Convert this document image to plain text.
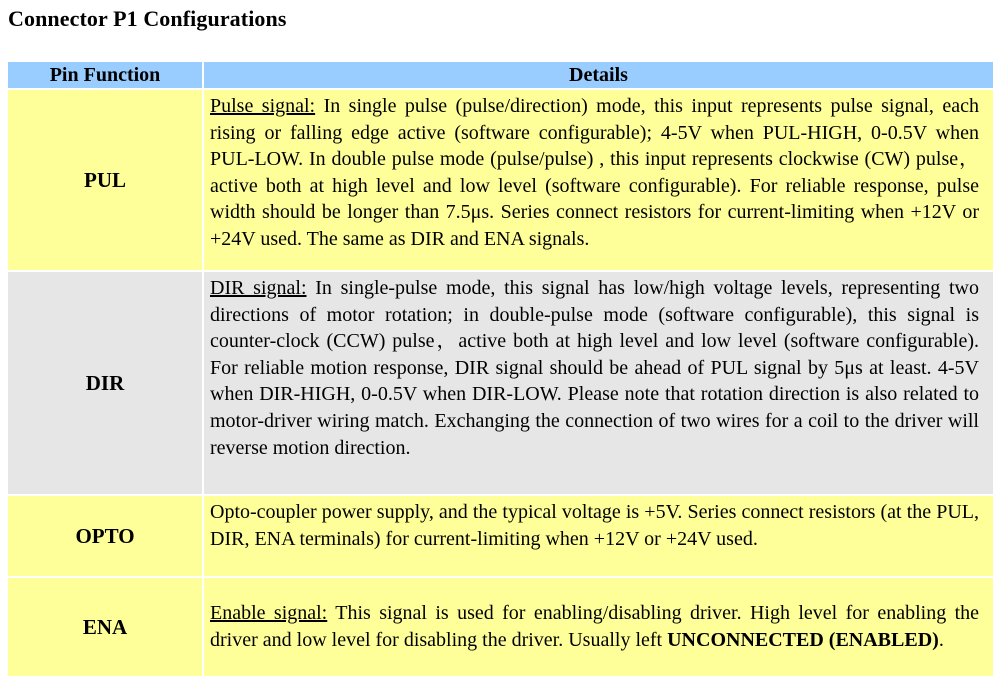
Connector P1 Configurations
Pin Function	Details
PUL	Pulse signal: In single pulse (pulse/direction) mode, this input represents pulse signal, each rising or falling edge active (software configurable); 4-5V when PUL-HIGH, 0-0.5V when PUL-LOW. In double pulse mode (pulse/pulse) , this input represents clockwise (CW) pulse，active both at high level and low level (software configurable). For reliable response, pulse width should be longer than 7.5μs. Series connect resistors for current-limiting when +12V or +24V used. The same as DIR and ENA signals.
DIR	DIR signal: In single-pulse mode, this signal has low/high voltage levels, representing two directions of motor rotation; in double-pulse mode (software configurable), this signal is counter-clock (CCW) pulse，active both at high level and low level (software configurable). For reliable motion response, DIR signal should be ahead of PUL signal by 5μs at least. 4-5V when DIR-HIGH, 0-0.5V when DIR-LOW. Please note that rotation direction is also related to motor-driver wiring match. Exchanging the connection of two wires for a coil to the driver will reverse motion direction.
OPTO	Opto-coupler power supply, and the typical voltage is +5V. Series connect resistors (at the PUL, DIR, ENA terminals) for current-limiting when +12V or +24V used.
ENA	Enable signal: This signal is used for enabling/disabling driver. High level for enabling the driver and low level for disabling the driver. Usually left UNCONNECTED (ENABLED).
